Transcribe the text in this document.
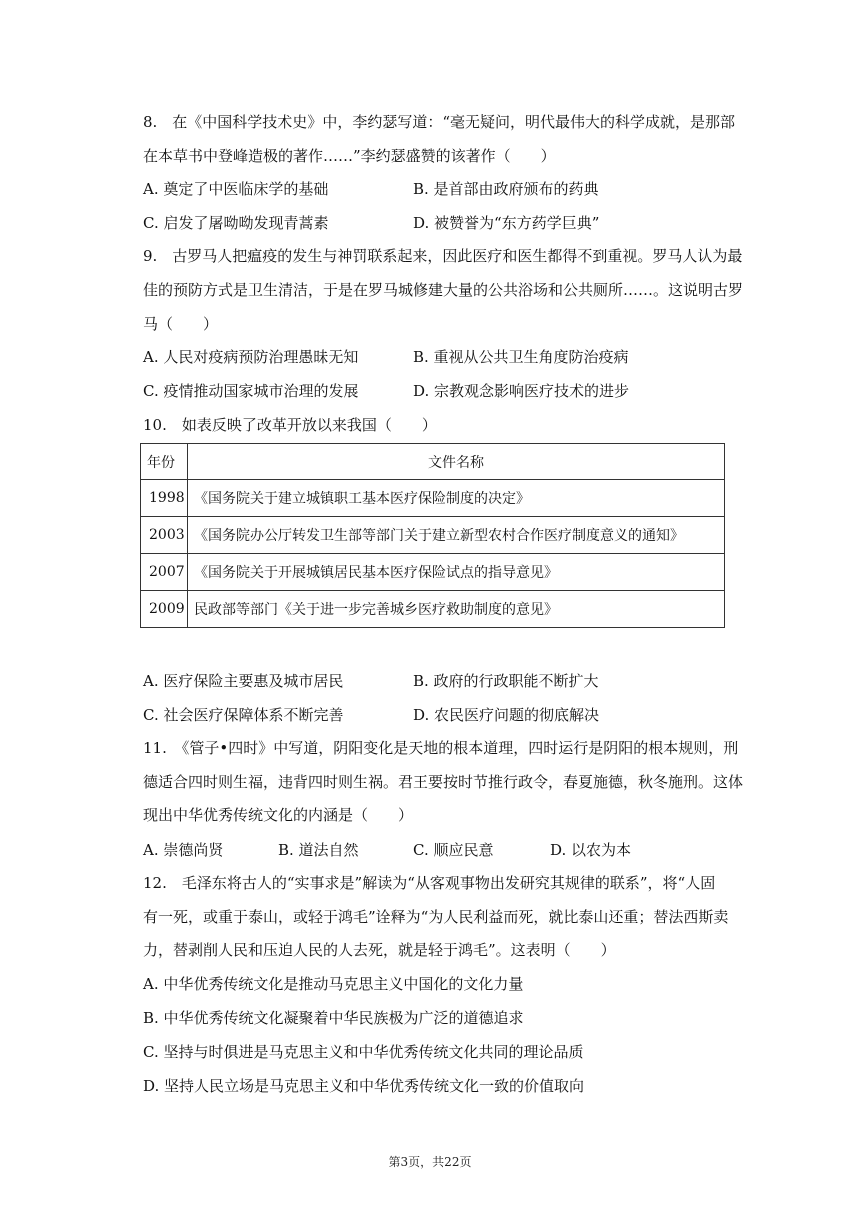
8.　在《中国科学技术史》中，李约瑟写道：“毫无疑问，明代最伟大的科学成就，是那部
在本草书中登峰造极的著作……”李约瑟盛赞的该著作（　　）
A. 奠定了中医临床学的基础	B. 是首部由政府颁布的药典
C. 启发了屠呦呦发现青蒿素	D. 被赞誉为“东方药学巨典”
9.　古罗马人把瘟疫的发生与神罚联系起来，因此医疗和医生都得不到重视。罗马人认为最
佳的预防方式是卫生清洁，于是在罗马城修建大量的公共浴场和公共厕所……。这说明古罗
马（　　）
A. 人民对疫病预防治理愚昧无知	B. 重视从公共卫生角度防治疫病
C. 疫情推动国家城市治理的发展	D. 宗教观念影响医疗技术的进步
10.　如表反映了改革开放以来我国（　　）
年份	文件名称
1998	《国务院关于建立城镇职工基本医疗保险制度的决定》
2003	《国务院办公厅转发卫生部等部门关于建立新型农村合作医疗制度意义的通知》
2007	《国务院关于开展城镇居民基本医疗保险试点的指导意见》
2009	民政部等部门《关于进一步完善城乡医疗救助制度的意见》
A. 医疗保险主要惠及城市居民	B. 政府的行政职能不断扩大
C. 社会医疗保障体系不断完善	D. 农民医疗问题的彻底解决
11.　《管子•四时》中写道，阴阳变化是天地的根本道理，四时运行是阴阳的根本规则，刑
德适合四时则生福，违背四时则生祸。君王要按时节推行政令，春夏施德，秋冬施刑。这体
现出中华优秀传统文化的内涵是（　　）
A. 崇德尚贤	B. 道法自然	C. 顺应民意	D. 以农为本
12.　毛泽东将古人的“实事求是”解读为“从客观事物出发研究其规律的联系”，将“人固
有一死，或重于泰山，或轻于鸿毛”诠释为“为人民利益而死，就比泰山还重；替法西斯卖
力，替剥削人民和压迫人民的人去死，就是轻于鸿毛”。这表明（　　）
A. 中华优秀传统文化是推动马克思主义中国化的文化力量
B. 中华优秀传统文化凝聚着中华民族极为广泛的道德追求
C. 坚持与时俱进是马克思主义和中华优秀传统文化共同的理论品质
D. 坚持人民立场是马克思主义和中华优秀传统文化一致的价值取向
第3页，共22页
